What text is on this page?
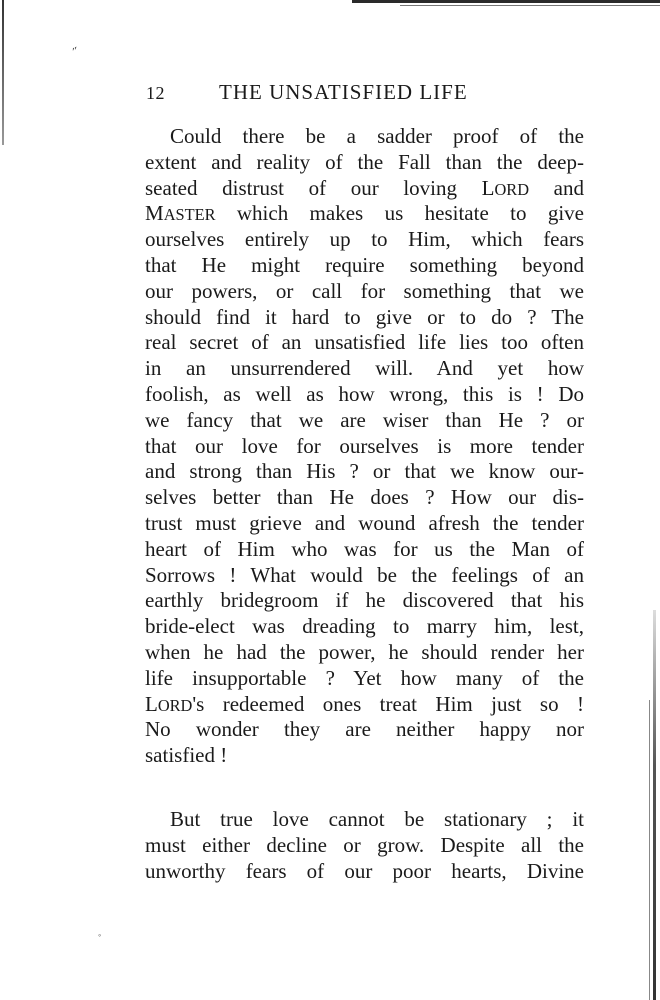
˶
◦
12	THE UNSATISFIED LIFE
Could there be a sadder proof of the
extent and reality of the Fall than the deep-
seated distrust of our loving LORD and
MASTER which makes us hesitate to give
ourselves entirely up to Him, which fears
that He might require something beyond
our powers, or call for something that we
should find it hard to give or to do ? The
real secret of an unsatisfied life lies too often
in an unsurrendered will. And yet how
foolish, as well as how wrong, this is ! Do
we fancy that we are wiser than He ? or
that our love for ourselves is more tender
and strong than His ? or that we know our-
selves better than He does ? How our dis-
trust must grieve and wound afresh the tender
heart of Him who was for us the Man of
Sorrows ! What would be the feelings of an
earthly bridegroom if he discovered that his
bride-elect was dreading to marry him, lest,
when he had the power, he should render her
life insupportable ? Yet how many of the
LORD's redeemed ones treat Him just so !
No wonder they are neither happy nor
satisfied !
But true love cannot be stationary ; it
must either decline or grow. Despite all the
unworthy fears of our poor hearts, Divine
